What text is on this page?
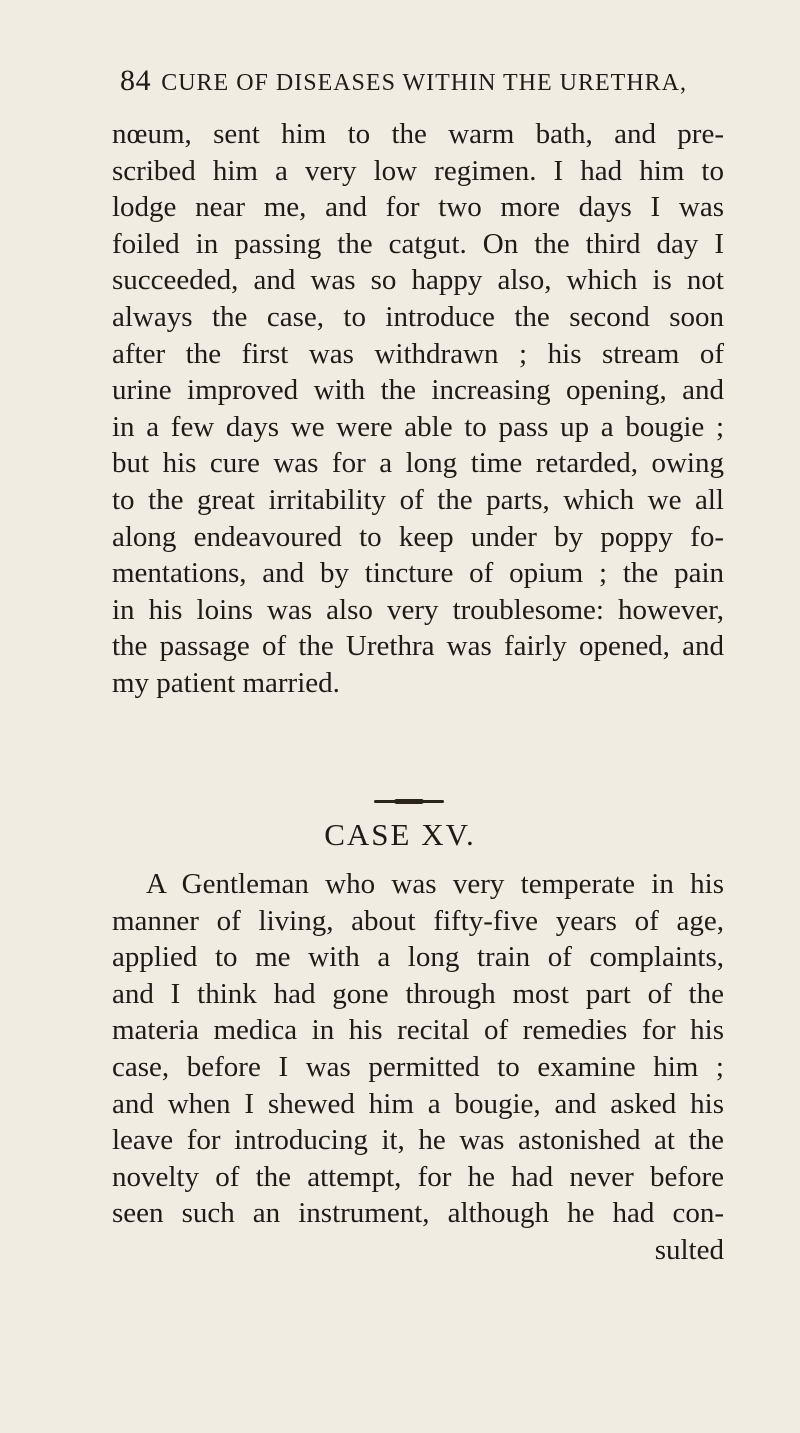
84 CURE OF DISEASES WITHIN THE URETHRA,
nœum, sent him to the warm bath, and pre-
scribed him a very low regimen. I had him to
lodge near me, and for two more days I was
foiled in passing the catgut. On the third day I
succeeded, and was so happy also, which is not
always the case, to introduce the second soon
after the first was withdrawn ; his stream of
urine improved with the increasing opening, and
in a few days we were able to pass up a bougie ;
but his cure was for a long time retarded, owing
to the great irritability of the parts, which we all
along endeavoured to keep under by poppy fo-
mentations, and by tincture of opium ; the pain
in his loins was also very troublesome: however,
the passage of the Urethra was fairly opened, and
my patient married.
CASE XV.
A Gentleman who was very temperate in his
manner of living, about fifty-five years of age,
applied to me with a long train of complaints,
and I think had gone through most part of the
materia medica in his recital of remedies for his
case, before I was permitted to examine him ;
and when I shewed him a bougie, and asked his
leave for introducing it, he was astonished at the
novelty of the attempt, for he had never before
seen such an instrument, although he had con-
sulted
